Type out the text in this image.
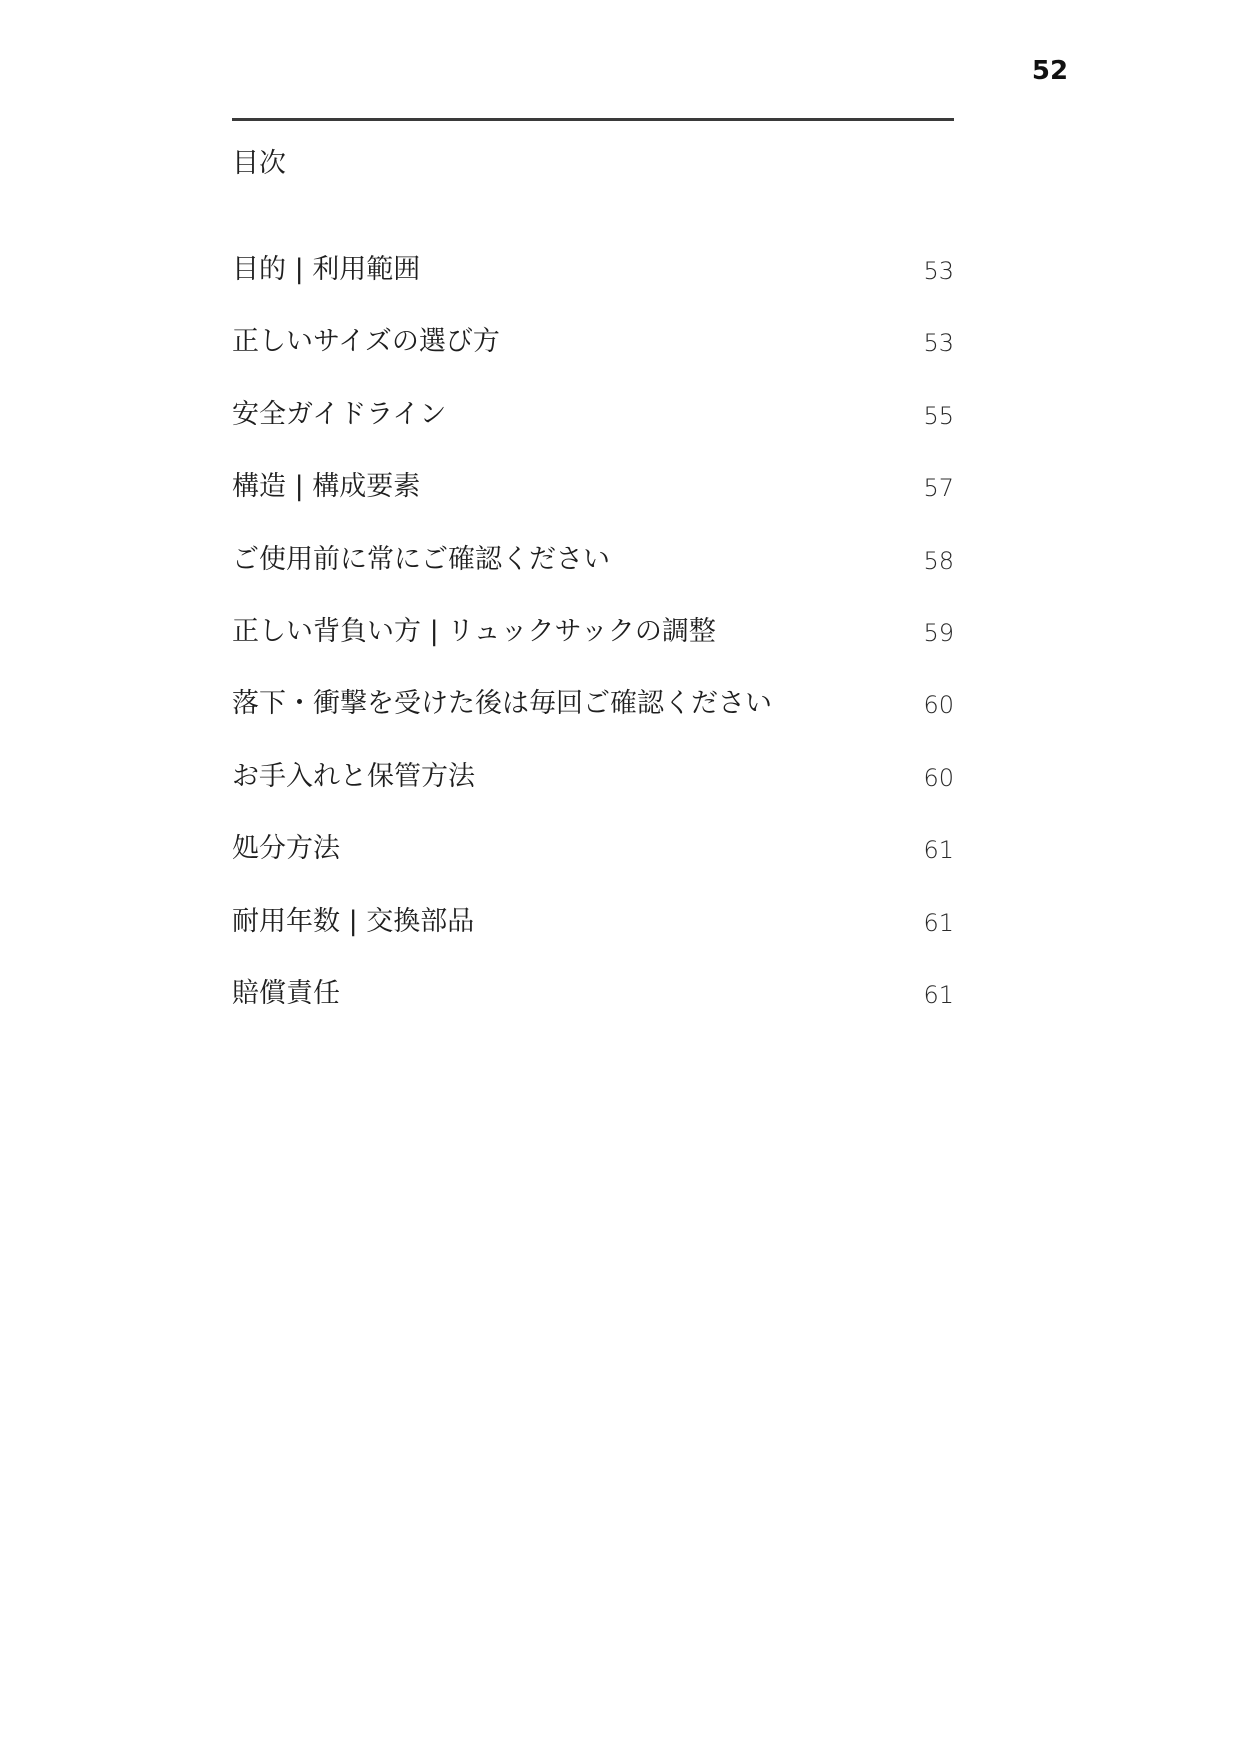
52
目次
目的 | 利用範囲	53
正しいサイズの選び方	53
安全ガイドライン	55
構造 | 構成要素	57
ご使用前に常にご確認ください	58
正しい背負い方 | リュックサックの調整	59
落下・衝撃を受けた後は毎回ご確認ください	60
お手入れと保管方法	60
処分方法	61
耐用年数 | 交換部品	61
賠償責任	61
